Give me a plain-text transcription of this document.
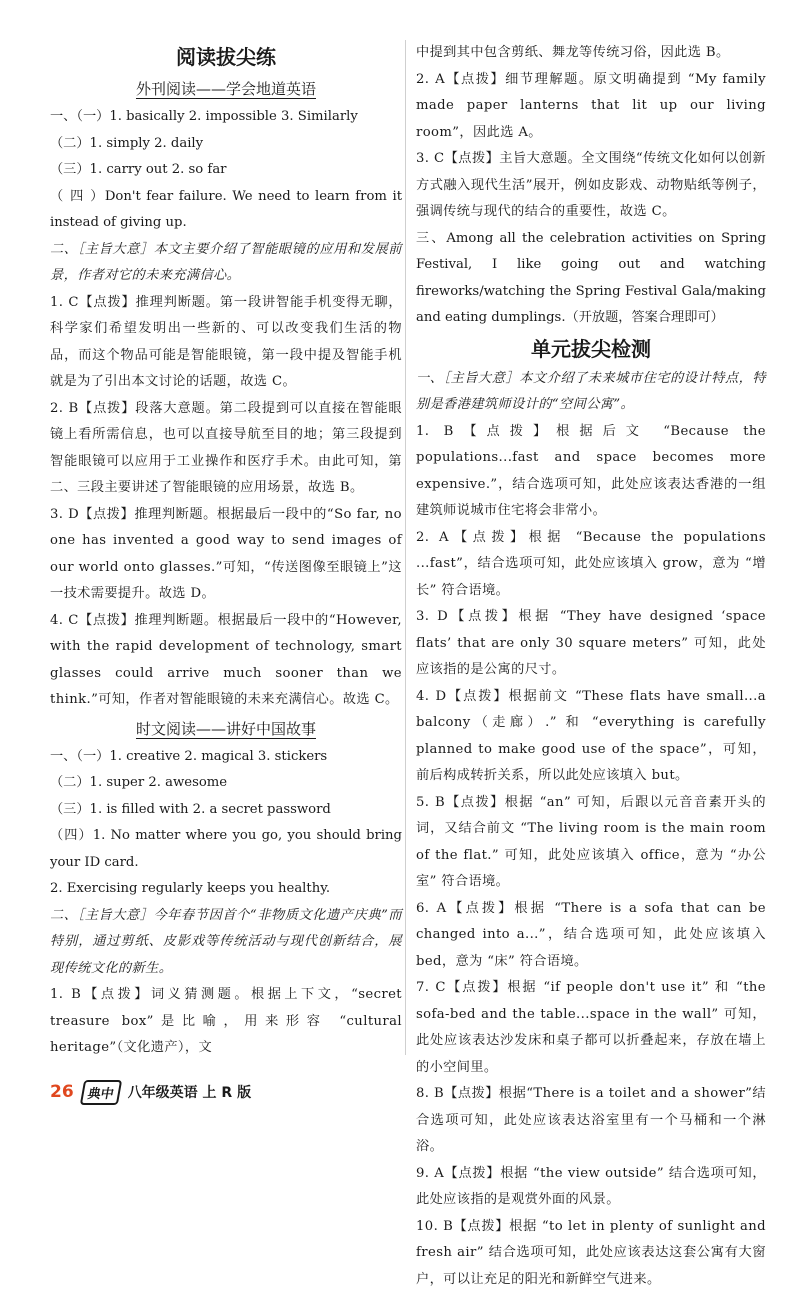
阅读拔尖练
外刊阅读——学会地道英语
一、（一）1. basically 2. impossible 3. Similarly
（二）1. simply 2. daily
（三）1. carry out 2. so far
（ 四 ）Don't fear failure. We need to learn from it instead of giving up.
二、［主旨大意］本文主要介绍了智能眼镜的应用和发展前景，作者对它的未来充满信心。
1. C【点拨】推理判断题。第一段讲智能手机变得无聊，科学家们希望发明出一些新的、可以改变我们生活的物品，而这个物品可能是智能眼镜，第一段中提及智能手机就是为了引出本文讨论的话题，故选 C。
2. B【点拨】段落大意题。第二段提到可以直接在智能眼镜上看所需信息，也可以直接导航至目的地；第三段提到智能眼镜可以应用于工业操作和医疗手术。由此可知，第二、三段主要讲述了智能眼镜的应用场景，故选 B。
3. D【点拨】推理判断题。根据最后一段中的“So far, no one has invented a good way to send images of our world onto glasses.”可知，“传送图像至眼镜上”这一技术需要提升。故选 D。
4. C【点拨】推理判断题。根据最后一段中的“However, with the rapid development of technology, smart glasses could arrive much sooner than we think.”可知，作者对智能眼镜的未来充满信心。故选 C。
时文阅读——讲好中国故事
一、（一）1. creative 2. magical 3. stickers
（二）1. super 2. awesome
（三）1. is filled with 2. a secret password
（四）1. No matter where you go, you should bring your ID card.
2. Exercising regularly keeps you healthy.
二、［主旨大意］今年春节因首个“非物质文化遗产庆典”而特别，通过剪纸、皮影戏等传统活动与现代创新结合，展现传统文化的新生。
1. B【点拨】词义猜测题。根据上下文，“secret treasure box”是比喻，用来形容 “cultural heritage”（文化遗产），文
中提到其中包含剪纸、舞龙等传统习俗，因此选 B。
2. A【点拨】细节理解题。原文明确提到 “My family made paper lanterns that lit up our living room”，因此选 A。
3. C【点拨】主旨大意题。全文围绕“传统文化如何以创新方式融入现代生活”展开，例如皮影戏、动物贴纸等例子，强调传统与现代的结合的重要性，故选 C。
三、Among all the celebration activities on Spring Festival, I like going out and watching fireworks/watching the Spring Festival Gala/making and eating dumplings.（开放题，答案合理即可）
单元拔尖检测
一、［主旨大意］本文介绍了未来城市住宅的设计特点，特别是香港建筑师设计的“空间公寓”。
1. B【点拨】根据后文 “Because the populations...fast and space becomes more expensive.”，结合选项可知，此处应该表达香港的一组建筑师说城市住宅将会非常小。
2. A【点拨】根据 “Because the populations ...fast”，结合选项可知，此处应该填入 grow，意为 “增长” 符合语境。
3. D【点拨】根据 “They have designed ‘space flats’ that are only 30 square meters” 可知，此处应该指的是公寓的尺寸。
4. D【点拨】根据前文 “These flats have small...a balcony（走廊）.” 和 “everything is carefully planned to make good use of the space”，可知，前后构成转折关系，所以此处应该填入 but。
5. B【点拨】根据 “an” 可知，后跟以元音音素开头的词，又结合前文 “The living room is the main room of the flat.” 可知，此处应该填入 office，意为 “办公室” 符合语境。
6. A【点拨】根据 “There is a sofa that can be changed into a...”，结合选项可知，此处应该填入 bed，意为 “床” 符合语境。
7. C【点拨】根据 “if people don't use it” 和 “the sofa-bed and the table...space in the wall” 可知，此处应该表达沙发床和桌子都可以折叠起来，存放在墙上的小空间里。
8. B【点拨】根据“There is a toilet and a shower”结合选项可知，此处应该表达浴室里有一个马桶和一个淋浴。
9. A【点拨】根据 “the view outside” 结合选项可知，此处应该指的是观赏外面的风景。
10. B【点拨】根据 “to let in plenty of sunlight and fresh air” 结合选项可知，此处应该表达这套公寓有大窗户，可以让充足的阳光和新鲜空气进来。
26 典中 八年级英语 上 R 版
